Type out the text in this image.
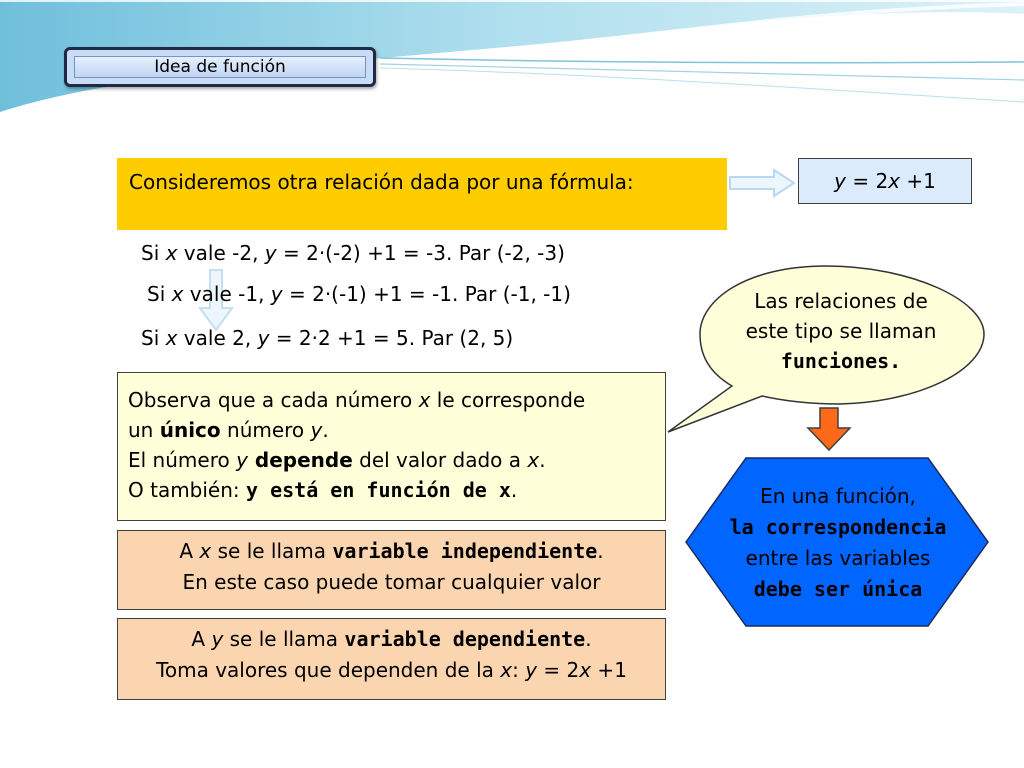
Idea de función
Consideremos otra relación dada por una fórmula:	y = 2x +1
Si x vale -2, y = 2·(-2) +1 = -3. Par (-2, -3)
Si x vale -1, y = 2·(-1) +1 = -1. Par (-1, -1)
Si x vale 2, y = 2·2 +1 = 5. Par (2, 5)
Las relaciones de
este tipo se llaman
funciones.
Observa que a cada número x le corresponde
un único número y.
El número y depende del valor dado a x.
O también: y está en función de x.
A x se le llama variable independiente.
En este caso puede tomar cualquier valor
A y se le llama variable dependiente.
Toma valores que dependen de la x: y = 2x +1
En una función,
la correspondencia
entre las variables
debe ser única
